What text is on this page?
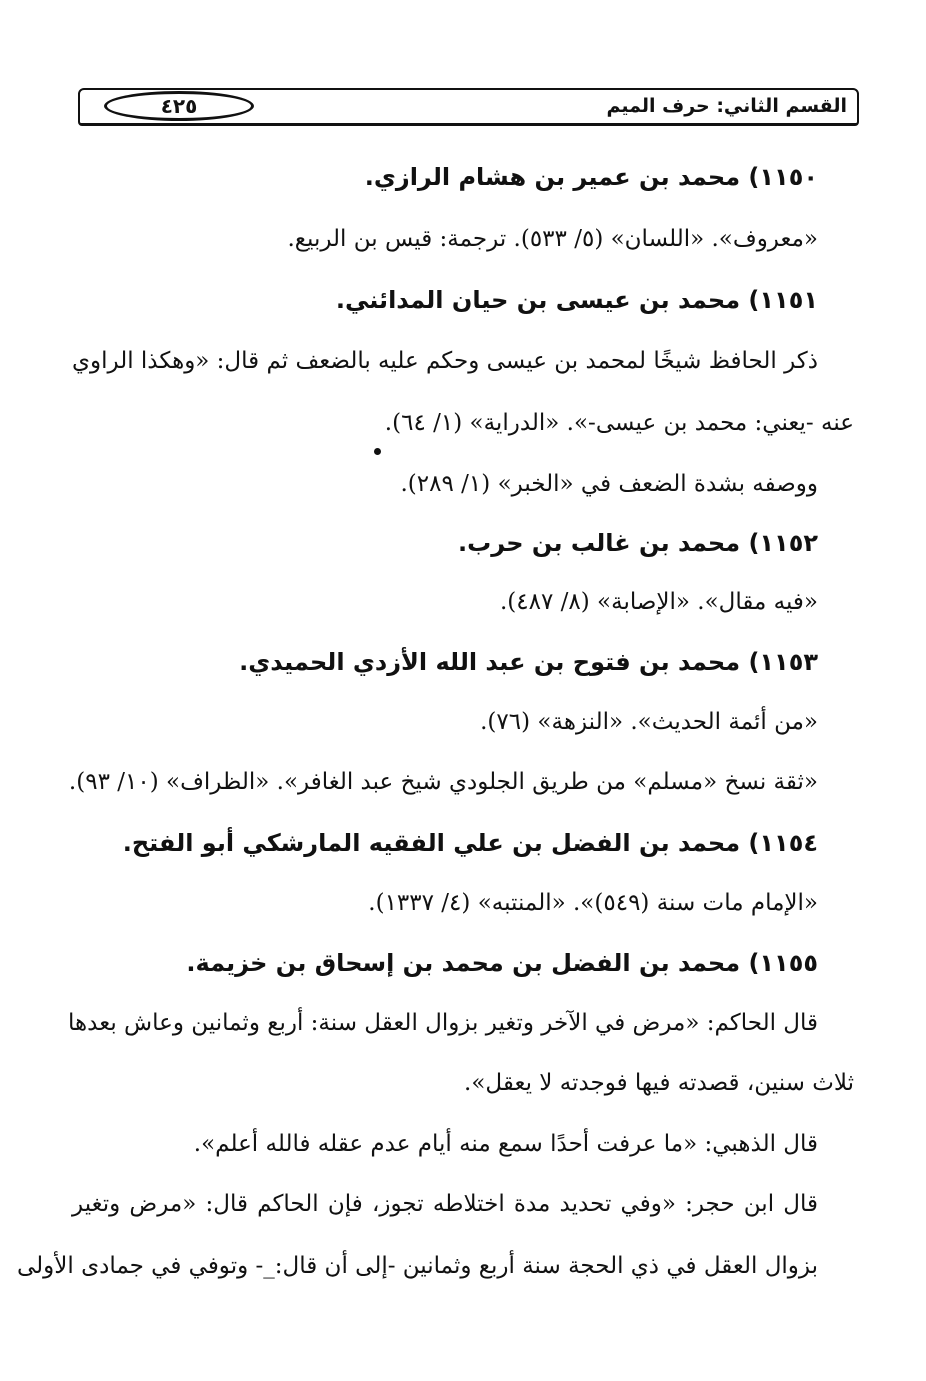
القسم الثاني: حرف الميم
٤٢٥
١١٥٠) محمد بن عمير بن هشام الرازي.
«معروف». «اللسان» (٥/ ٥٣٣). ترجمة: قيس بن الربيع.
١١٥١) محمد بن عيسى بن حيان المدائني.
ذكر الحافظ شيخًا لمحمد بن عيسى وحكم عليه بالضعف ثم قال: «وهكذا الراوي
عنه -يعني: محمد بن عيسى-». «الدراية» (١/ ٦٤).
ووصفه بشدة الضعف في «الخبر» (١/ ٢٨٩).
١١٥٢) محمد بن غالب بن حرب.
«فيه مقال». «الإصابة» (٨/ ٤٨٧).
١١٥٣) محمد بن فتوح بن عبد الله الأزدي الحميدي.
«من أئمة الحديث». «النزهة» (٧٦).
«ثقة نسخ «مسلم» من طريق الجلودي شيخ عبد الغافر». «الظراف» (١٠/ ٩٣).
١١٥٤) محمد بن الفضل بن علي الفقيه المارشكي أبو الفتح.
«الإمام مات سنة (٥٤٩)». «المنتبه» (٤/ ١٣٣٧).
١١٥٥) محمد بن الفضل بن محمد بن إسحاق بن خزيمة.
قال الحاكم: «مرض في الآخر وتغير بزوال العقل سنة: أربع وثمانين وعاش بعدها
ثلاث سنين، قصدته فيها فوجدته لا يعقل».
قال الذهبي: «ما عرفت أحدًا سمع منه أيام عدم عقله فالله أعلم».
قال ابن حجر: «وفي تحديد مدة اختلاطه تجوز، فإن الحاكم قال: «مرض وتغير
بزوال العقل في ذي الحجة سنة أربع وثمانين -إلى أن قال:_- وتوفي في جمادى الأولى
